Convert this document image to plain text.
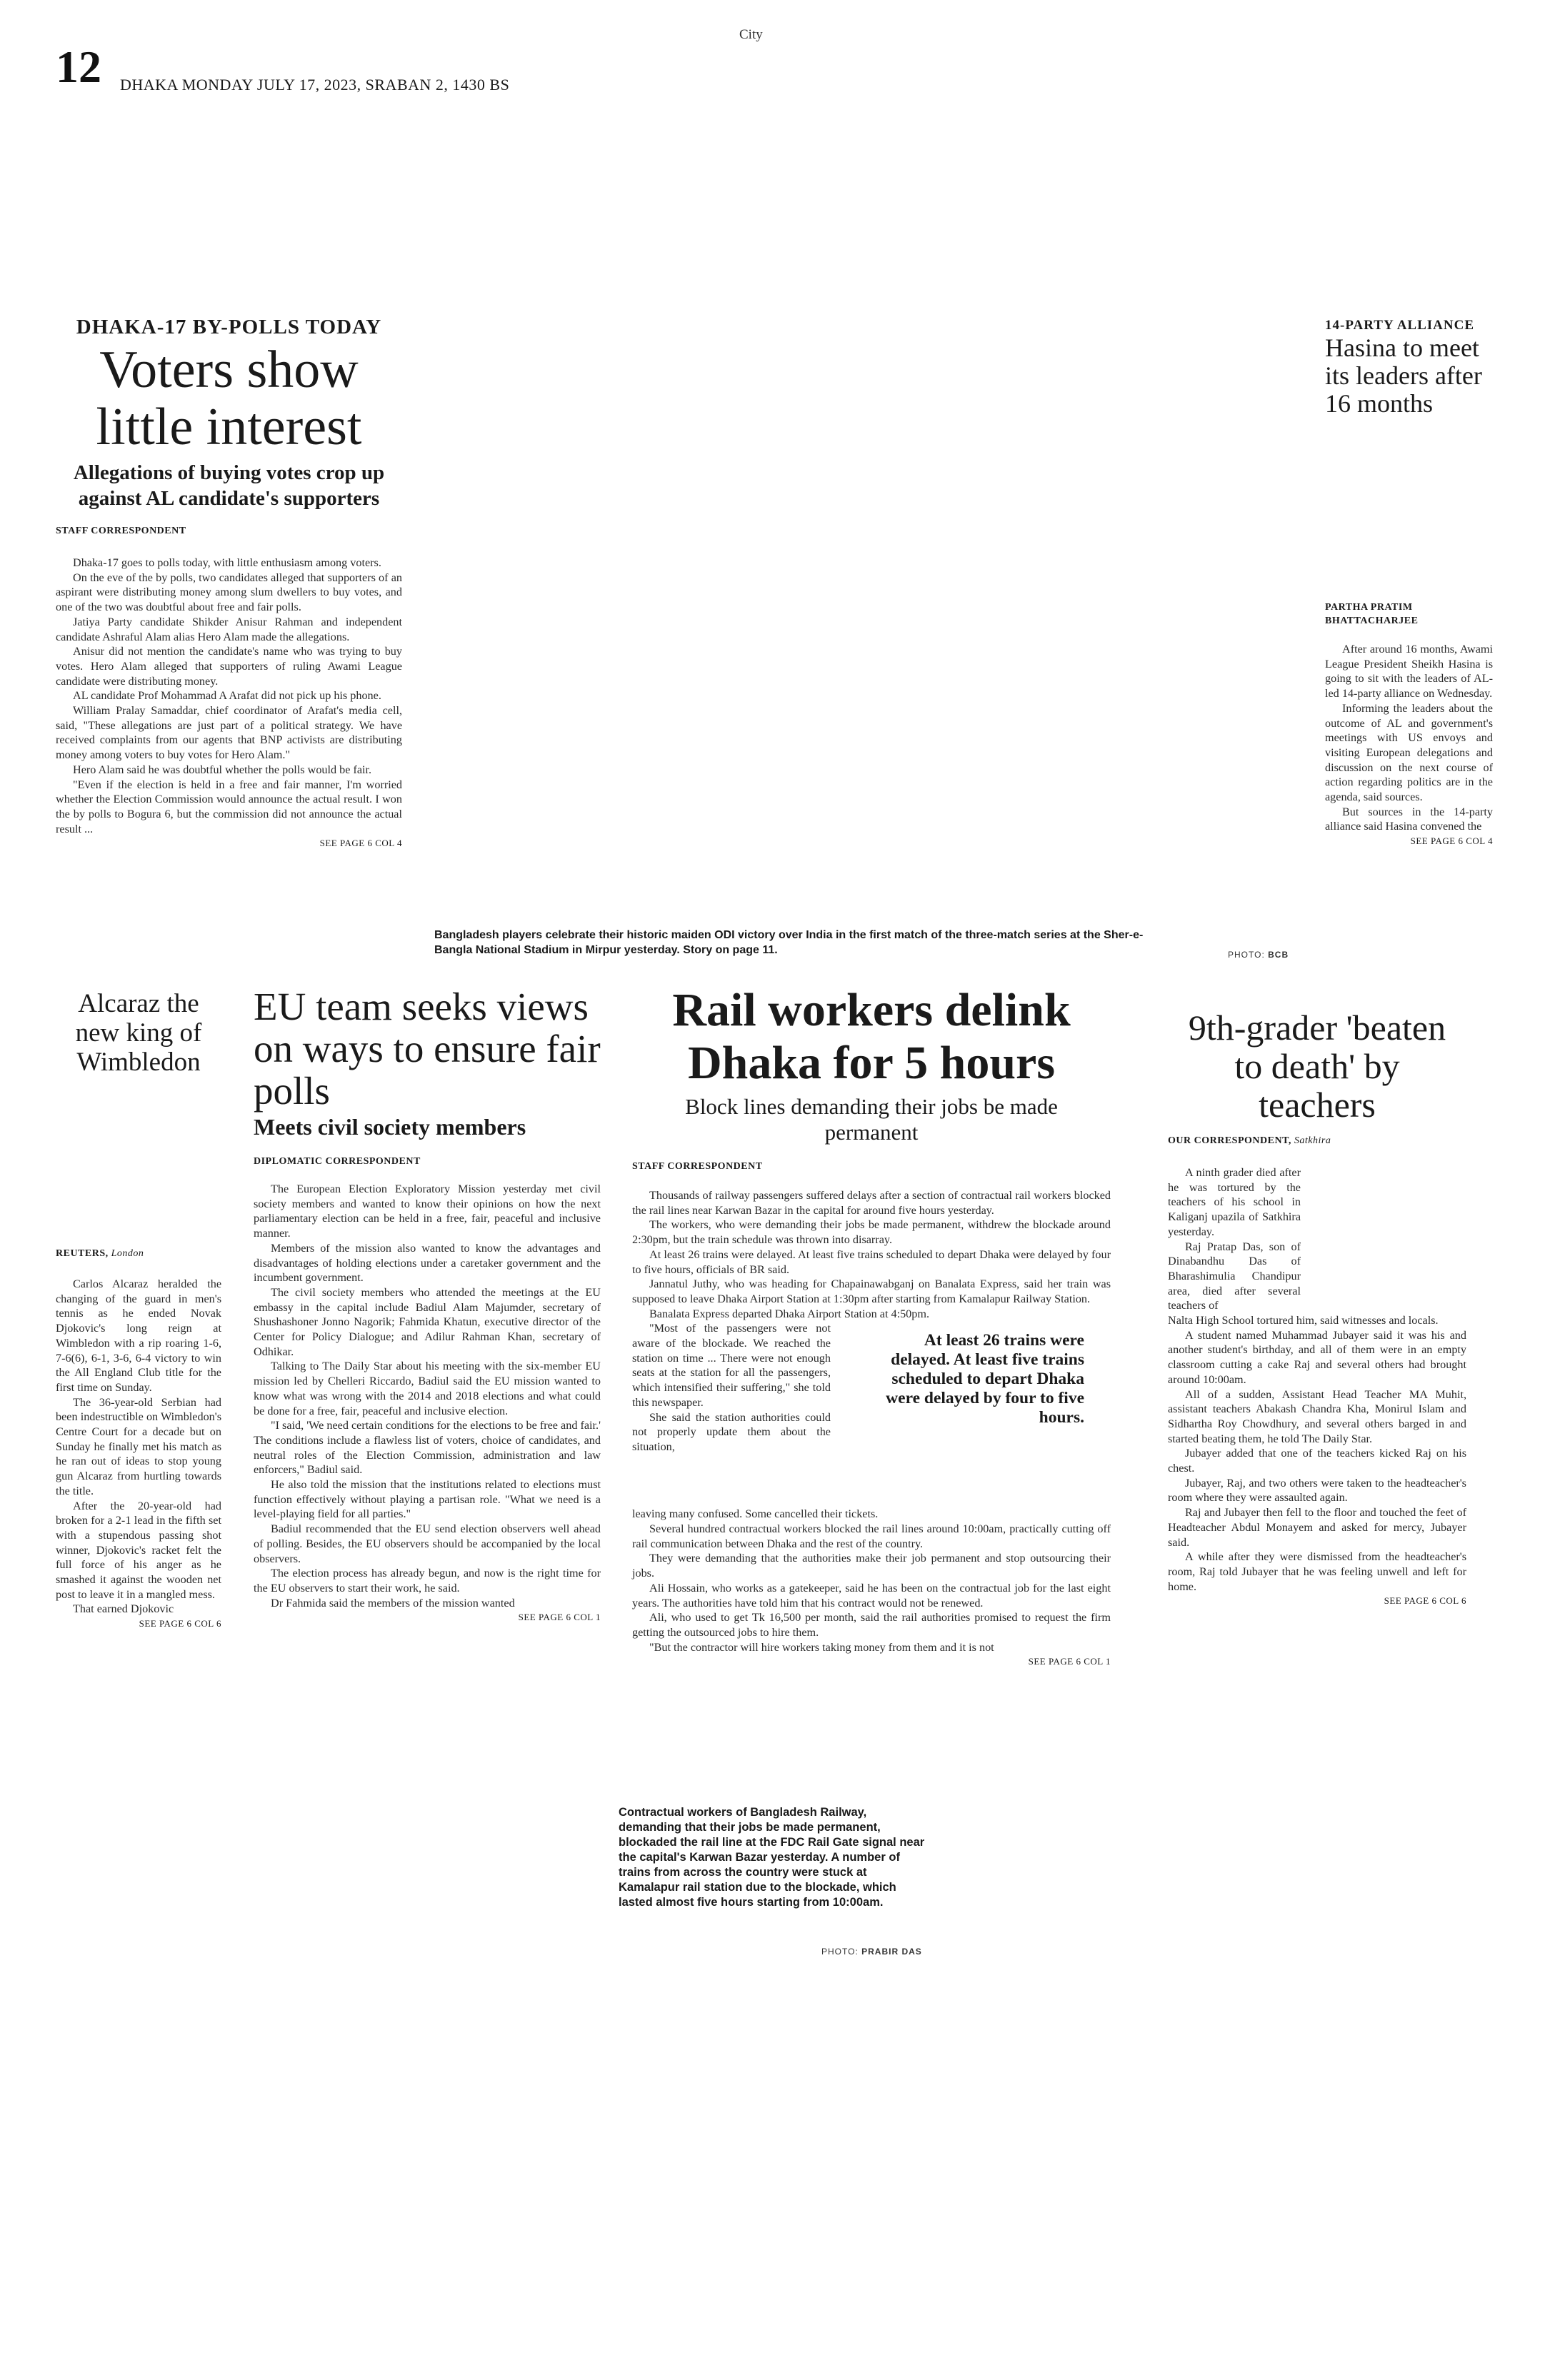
City
12 DHAKA MONDAY JULY 17, 2023, SRABAN 2, 1430 BS
DHAKA-17 BY-POLLS TODAY
Voters show little interest
Allegations of buying votes crop up against AL candidate's supporters
STAFF CORRESPONDENT

Dhaka-17 goes to polls today, with little enthusiasm among voters.

On the eve of the by polls, two candidates alleged that supporters of an aspirant were distributing money among slum dwellers to buy votes, and one of the two was doubtful about free and fair polls.

Jatiya Party candidate Shikder Anisur Rahman and independent candidate Ashraful Alam alias Hero Alam made the allegations.

Anisur did not mention the candidate's name who was trying to buy votes. Hero Alam alleged that supporters of ruling Awami League candidate were distributing money.

AL candidate Prof Mohammad A Arafat did not pick up his phone.

William Pralay Samaddar, chief coordinator of Arafat's media cell, said, "These allegations are just part of a political strategy. We have received complaints from our agents that BNP activists are distributing money among voters to buy votes for Hero Alam."

Hero Alam said he was doubtful whether the polls would be fair.

"Even if the election is held in a free and fair manner, I'm worried whether the Election Commission would announce the actual result. I won the by polls to Bogura 6, but the commission did not announce the actual result ...

SEE PAGE 6 COL 4
Bangladesh players celebrate their historic maiden ODI victory over India in the first match of the three-match series at the Sher-e-Bangla National Stadium in Mirpur yesterday. Story on page 11.	PHOTO: BCB
14-PARTY ALLIANCE
Hasina to meet its leaders after 16 months
PARTHA PRATIM
BHATTACHARJEE

After around 16 months, Awami League President Sheikh Hasina is going to sit with the leaders of AL-led 14-party alliance on Wednesday.

Informing the leaders about the outcome of AL and government's meetings with US envoys and visiting European delegations and discussion on the next course of action regarding politics are in the agenda, said sources.

But sources in the 14-party alliance said Hasina convened the

SEE PAGE 6 COL 4
Alcaraz the new king of Wimbledon
REUTERS, London

Carlos Alcaraz heralded the changing of the guard in men's tennis as he ended Novak Djokovic's long reign at Wimbledon with a rip roaring 1-6, 7-6(6), 6-1, 3-6, 6-4 victory to win the All England Club title for the first time on Sunday.

The 36-year-old Serbian had been indestructible on Wimbledon's Centre Court for a decade but on Sunday he finally met his match as he ran out of ideas to stop young gun Alcaraz from hurtling towards the title.

After the 20-year-old had broken for a 2-1 lead in the fifth set with a stupendous passing shot winner, Djokovic's racket felt the full force of his anger as he smashed it against the wooden net post to leave it in a mangled mess.

That earned Djokovic

SEE PAGE 6 COL 6
EU team seeks views on ways to ensure fair polls
Meets civil society members
DIPLOMATIC CORRESPONDENT

The European Election Exploratory Mission yesterday met civil society members and wanted to know their opinions on how the next parliamentary election can be held in a free, fair, peaceful and inclusive manner.

Members of the mission also wanted to know the advantages and disadvantages of holding elections under a caretaker government and the incumbent government.

The civil society members who attended the meetings at the EU embassy in the capital include Badiul Alam Majumder, secretary of Shushashoner Jonno Nagorik; Fahmida Khatun, executive director of the Center for Policy Dialogue; and Adilur Rahman Khan, secretary of Odhikar.

Talking to The Daily Star about his meeting with the six-member EU mission led by Chelleri Riccardo, Badiul said the EU mission wanted to know what was wrong with the 2014 and 2018 elections and what could be done for a free, fair, peaceful and inclusive election.

"I said, 'We need certain conditions for the elections to be free and fair.' The conditions include a flawless list of voters, choice of candidates, and neutral roles of the Election Commission, administration and law enforcers," Badiul said.

He also told the mission that the institutions related to elections must function effectively without playing a partisan role. "What we need is a level-playing field for all parties."

Badiul recommended that the EU send election observers well ahead of polling. Besides, the EU observers should be accompanied by the local observers.

The election process has already begun, and now is the right time for the EU observers to start their work, he said.

Dr Fahmida said the members of the mission wanted

SEE PAGE 6 COL 1
Rail workers delink Dhaka for 5 hours
Block lines demanding their jobs be made permanent
STAFF CORRESPONDENT

Thousands of railway passengers suffered delays after a section of contractual rail workers blocked the rail lines near Karwan Bazar in the capital for around five hours yesterday.

The workers, who were demanding their jobs be made permanent, withdrew the blockade around 2:30pm, but the train schedule was thrown into disarray.

At least 26 trains were delayed. At least five trains scheduled to depart Dhaka were delayed by four to five hours, officials of BR said.

Jannatul Juthy, who was heading for Chapainawabganj on Banalata Express, said her train was supposed to leave Dhaka Airport Station at 1:30pm after starting from Kamalapur Railway Station.

Banalata Express departed Dhaka Airport Station at 4:50pm.

"Most of the passengers were not aware of the blockade. We reached the station on time ... There were not enough seats at the station for all the passengers, which intensified their suffering," she told this newspaper.

She said the station authorities could not properly update them about the situation,

At least 26 trains were delayed. At least five trains scheduled to depart Dhaka were delayed by four to five hours.

leaving many confused. Some cancelled their tickets.

Several hundred contractual workers blocked the rail lines around 10:00am, practically cutting off rail communication between Dhaka and the rest of the country.

They were demanding that the authorities make their job permanent and stop outsourcing their jobs.

Ali Hossain, who works as a gatekeeper, said he has been on the contractual job for the last eight years. The authorities have told him that his contract would not be renewed.

Ali, who used to get Tk 16,500 per month, said the rail authorities promised to request the firm getting the outsourced jobs to hire them.

"But the contractor will hire workers taking money from them and it is not

SEE PAGE 6 COL 1
9th-grader 'beaten to death' by teachers
OUR CORRESPONDENT, Satkhira

A ninth grader died after he was tortured by the teachers of his school in Kaliganj upazila of Satkhira yesterday.

Raj Pratap Das, son of Dinabandhu Das of Bharashimulia Chandipur area, died after several teachers of

Nalta High School tortured him, said witnesses and locals.

A student named Muhammad Jubayer said it was his and another student's birthday, and all of them were in an empty classroom cutting a cake Raj and several others had brought around 10:00am.

All of a sudden, Assistant Head Teacher MA Muhit, assistant teachers Abakash Chandra Kha, Monirul Islam and Sidhartha Roy Chowdhury, and several others barged in and started beating them, he told The Daily Star.

Jubayer added that one of the teachers kicked Raj on his chest.

Jubayer, Raj, and two others were taken to the headteacher's room where they were assaulted again.

Raj and Jubayer then fell to the floor and touched the feet of Headteacher Abdul Monayem and asked for mercy, Jubayer said.

A while after they were dismissed from the headteacher's room, Raj told Jubayer that he was feeling unwell and left for home.

SEE PAGE 6 COL 6
Contractual workers of Bangladesh Railway, demanding that their jobs be made permanent, blockaded the rail line at the FDC Rail Gate signal near the capital's Karwan Bazar yesterday. A number of trains from across the country were stuck at Kamalapur rail station due to the blockade, which lasted almost five hours starting from 10:00am.
PHOTO: PRABIR DAS
